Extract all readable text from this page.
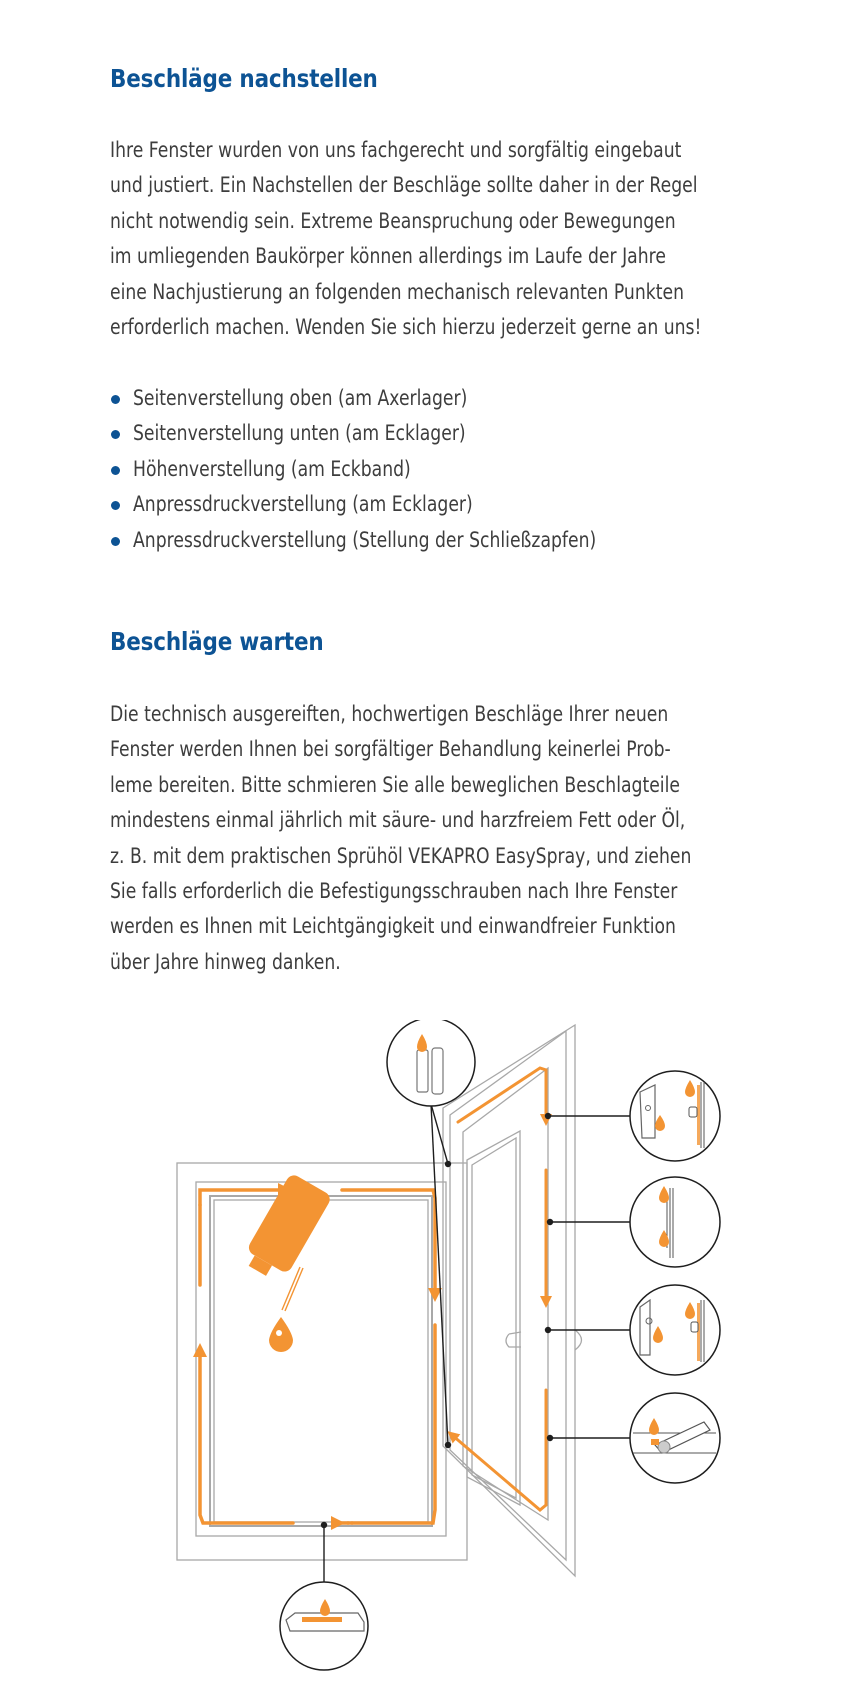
Beschläge nachstellen
Ihre Fenster wurden von uns fachgerecht und sorgfältig eingebaut
und justiert. Ein Nachstellen der Beschläge sollte daher in der Regel
nicht notwendig sein. Extreme Beanspruchung oder Bewegungen
im umliegenden Baukörper können allerdings im Laufe der Jahre
eine Nachjustierung an folgenden mechanisch relevanten Punkten
erforderlich machen. Wenden Sie sich hierzu jederzeit gerne an uns!
Seitenverstellung oben (am Axerlager)
Seitenverstellung unten (am Ecklager)
Höhenverstellung (am Eckband)
Anpressdruckverstellung (am Ecklager)
Anpressdruckverstellung (Stellung der Schließzapfen)
Beschläge warten
Die technisch ausgereiften, hochwertigen Beschläge Ihrer neuen
Fenster werden Ihnen bei sorgfältiger Behandlung keinerlei Prob-
leme bereiten. Bitte schmieren Sie alle beweglichen Beschlagteile
mindestens einmal jährlich mit säure- und harzfreiem Fett oder Öl,
z. B. mit dem praktischen Sprühöl VEKAPRO EasySpray, und ziehen
Sie falls erforderlich die Befestigungsschrauben nach Ihre Fenster
werden es Ihnen mit Leichtgängigkeit und einwandfreier Funktion
über Jahre hinweg danken.
